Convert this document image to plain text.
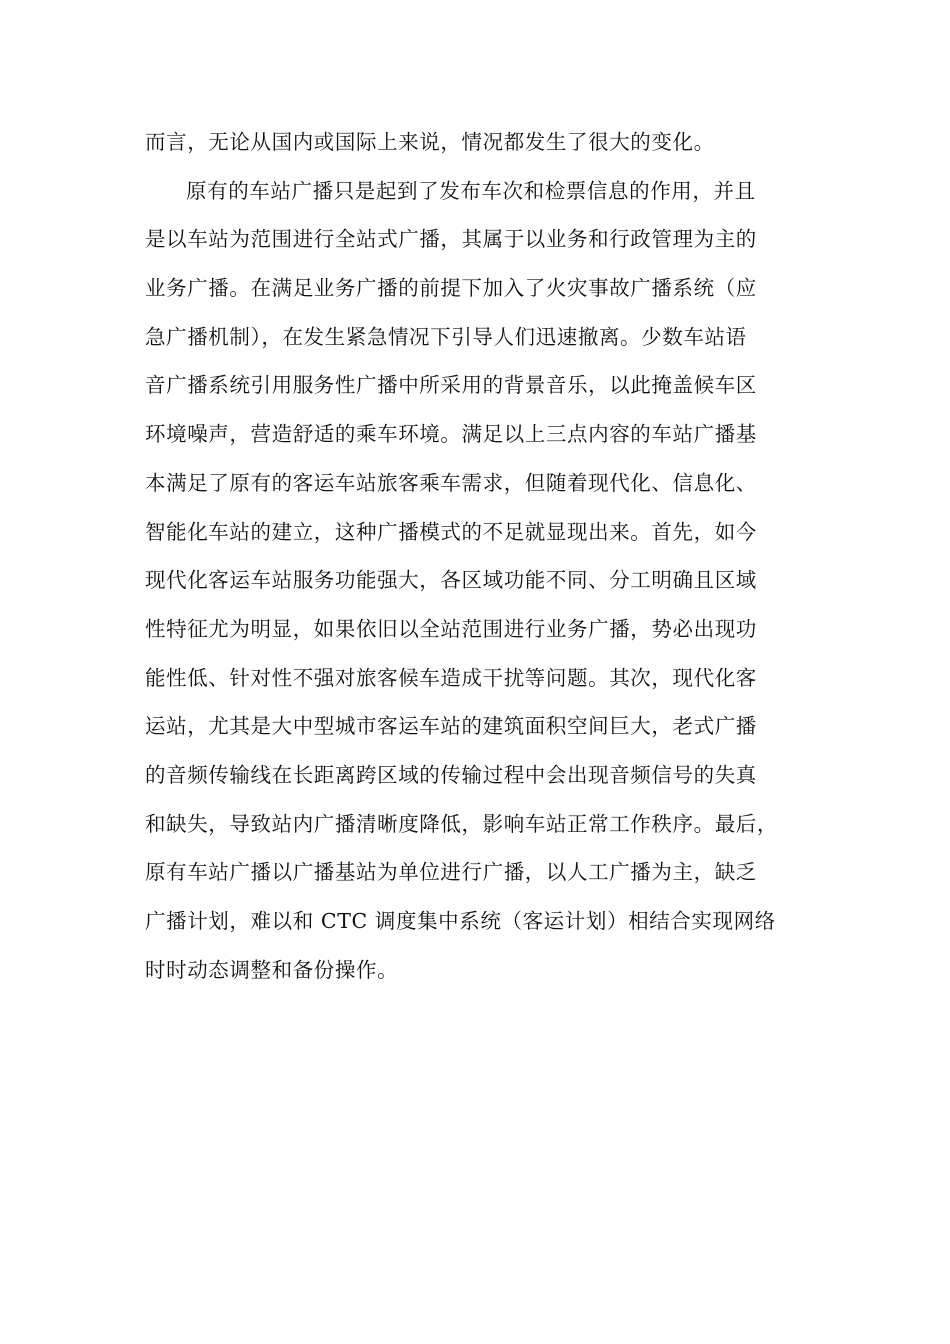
而言，无论从国内或国际上来说，情况都发生了很大的变化。
原有的车站广播只是起到了发布车次和检票信息的作用，并且
是以车站为范围进行全站式广播，其属于以业务和行政管理为主的
业务广播。在满足业务广播的前提下加入了火灾事故广播系统（应
急广播机制），在发生紧急情况下引导人们迅速撤离。少数车站语
音广播系统引用服务性广播中所采用的背景音乐，以此掩盖候车区
环境噪声，营造舒适的乘车环境。满足以上三点内容的车站广播基
本满足了原有的客运车站旅客乘车需求，但随着现代化、信息化、
智能化车站的建立，这种广播模式的不足就显现出来。首先，如今
现代化客运车站服务功能强大，各区域功能不同、分工明确且区域
性特征尤为明显，如果依旧以全站范围进行业务广播，势必出现功
能性低、针对性不强对旅客候车造成干扰等问题。其次，现代化客
运站，尤其是大中型城市客运车站的建筑面积空间巨大，老式广播
的音频传输线在长距离跨区域的传输过程中会出现音频信号的失真
和缺失，导致站内广播清晰度降低，影响车站正常工作秩序。最后，
原有车站广播以广播基站为单位进行广播，以人工广播为主，缺乏
广播计划，难以和 CTC 调度集中系统（客运计划）相结合实现网络
时时动态调整和备份操作。
